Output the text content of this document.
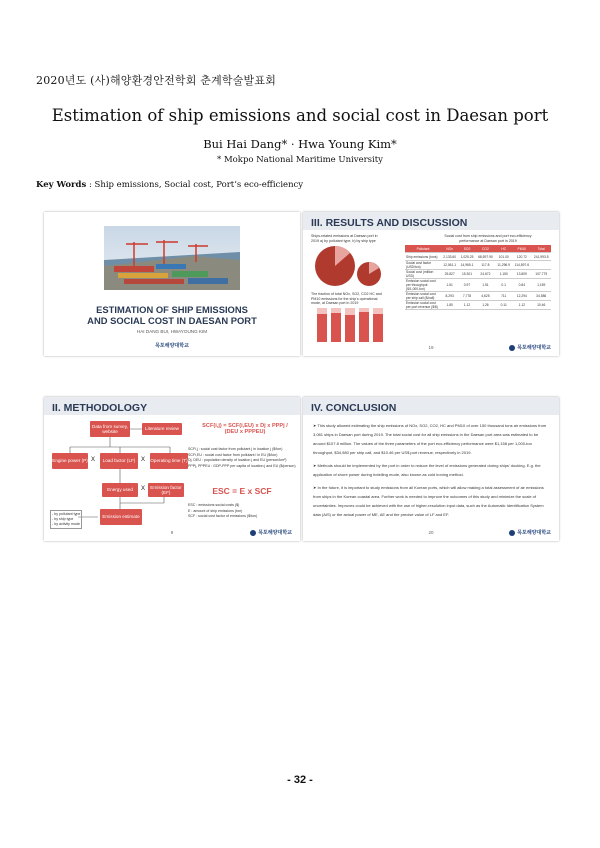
2020년도 (사)해양환경안전학회 춘계학술발표회
Estimation of ship emissions and social cost in Daesan port
Bui Hai Dang* · Hwa Young Kim*
* Mokpo National Maritime University
Key Words : Ship emissions, Social cost, Port’s eco-efficiency
ESTIMATION OF SHIP EMISSIONS
AND SOCIAL COST IN DAESAN PORT
HAI DANG BUI, HWAYOUNG KIM
목포해양대학교
III. RESULTS AND DISCUSSION
Ships-related emissions at Daesan port in 2019 a) by pollutant type, b) by ship type
The fraction of total NOx, SO2, CO2 HC and PM10 emissions for the ship's operational mode, at Daesan port in 2019
Social cost from ship emissions and port eco-efficiency performance at Daesan port in 2019
Pollutant	NOx	SO2	CO2	HC	PM10	Total
Ship emissions (tons)	2,133.60	1,025.25	68,597.90	101.00	120.72	241,993.5
Social cost factor (USD/ton)	12,061.1	14,965.1	117.8	11,296.9	114,897.6	
Social cost (million USD)	25.827	15.301	24.672	1.150	13.809	107.779
Emission social cost per throughput ($/1,000-ton)	1.61	0.97	1.51	0.1	0.84	1,159
Emission social cost per ship call ($/call)	8,293	7,778	4,625	711	12,294	34,586
Emission social cost per port revenue ($/$)	1.80	1.12	1.26	0.11	1.12	10.46
19	목포해양대학교
II. METHODOLOGY
Data from survey, website
Literature review
Engine power (P) X	Load factor (LF) X Operating time (T)
Energy used	X	Emission factor (EF)
Emission estimate
- by pollutant type
- by ship type
- by activity mode
SCF(i,j) = SCF(i,EU) x Dj x PPPj / (DEU x PPPEU)
SCFi,j : social cost factor from pollutant j in location j ($/ton)
SCFi,EU : social cost factor from pollutant i in EU ($/ton)
Dj, DEU : population density of location j and EU (person/km²)
PPPj, PPPEU : GDP-PPP per capita of location j and EU ($/person)
ESC = E x SCF
ESC : emissions social costs ($)
E : amount of ship emissions (ton)
SCF : social cost factor of emissions ($/ton)
9	목포해양대학교
IV. CONCLUSION

➤ This study allowed estimating the ship emissions of NOx, SO2, CO2, HC and PM10 of over 150 thousand tons air emissions from 3,081 ships in Daesan port during 2019. The total social cost for all ship emissions in the Daesan port area was estimated to be around $107.8 million. The values of the three parameters of the port eco-efficiency performance were $1,158 per 1,000-ton throughput, $34,980 per ship call, and $10.46 per US$ port revenue, respectively in 2019.

➤ Methods should be implemented by the port in order to reduce the level of emissions generated during ships' docking. E.g. the application of shore power during hotelling mode, also known as cold ironing method.

➤ In the future, it is important to study emissions from all Korean ports, which will allow making a total assessment of air emissions from ships in the Korean coastal area. Further work is needed to improve the outcomes of this study and minimize the scale of uncertainties. Improves could be achieved with the use of higher-resolution input data, such as the Automatic Identification System data (AIS) or the actual power of ME, AE and the precise value of LF and EF.

20	목포해양대학교
- 32 -
